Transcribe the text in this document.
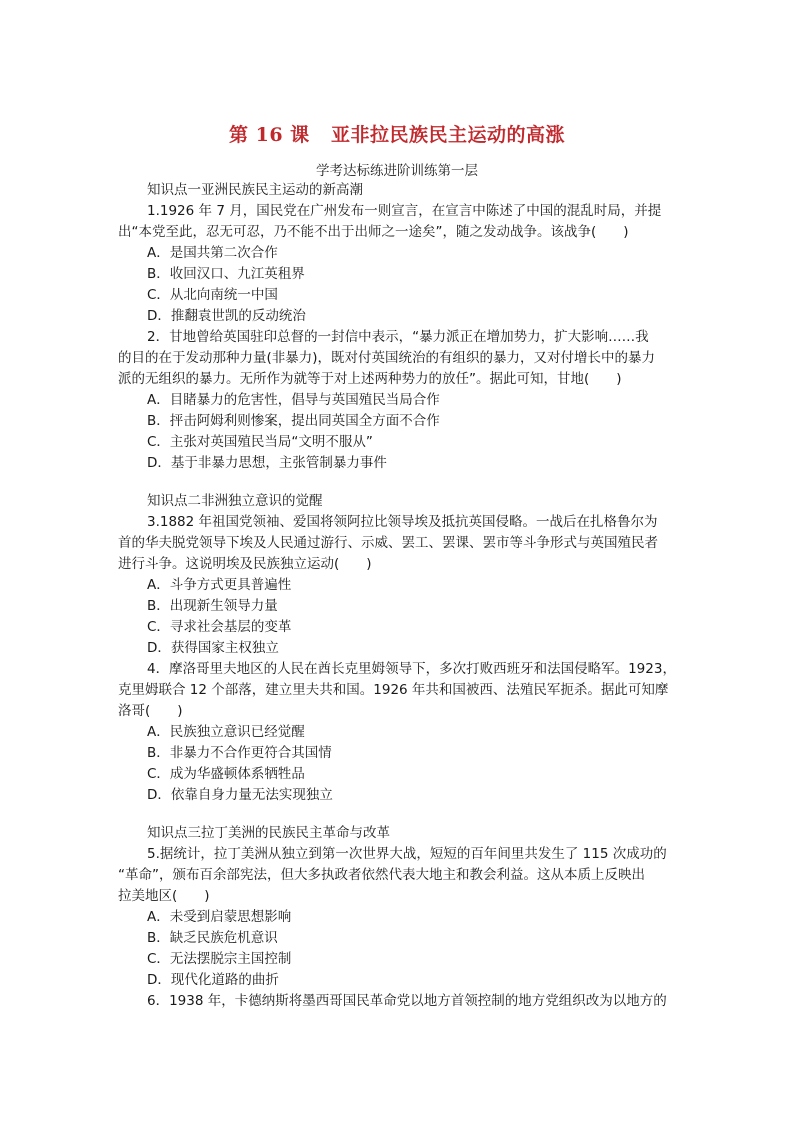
第 16 课   亚非拉民族民主运动的高涨
学考达标练进阶训练第一层
知识点一亚洲民族民主运动的新高潮
1.1926 年 7 月，国民党在广州发布一则宣言，在宣言中陈述了中国的混乱时局，并提
出“本党至此，忍无可忍，乃不能不出于出师之一途矣”，随之发动战争。该战争(　　)
A．是国共第二次合作
B．收回汉口、九江英租界
C．从北向南统一中国
D．推翻袁世凯的反动统治
2．甘地曾给英国驻印总督的一封信中表示，“暴力派正在增加势力，扩大影响……我
的目的在于发动那种力量(非暴力)，既对付英国统治的有组织的暴力，又对付增长中的暴力
派的无组织的暴力。无所作为就等于对上述两种势力的放任”。据此可知，甘地(　　)
A．目睹暴力的危害性，倡导与英国殖民当局合作
B．抨击阿姆利则惨案，提出同英国全方面不合作
C．主张对英国殖民当局“文明不服从”
D．基于非暴力思想，主张管制暴力事件
知识点二非洲独立意识的觉醒
3.1882 年祖国党领袖、爱国将领阿拉比领导埃及抵抗英国侵略。一战后在扎格鲁尔为
首的华夫脱党领导下埃及人民通过游行、示威、罢工、罢课、罢市等斗争形式与英国殖民者
进行斗争。这说明埃及民族独立运动(　　)
A．斗争方式更具普遍性
B．出现新生领导力量
C．寻求社会基层的变革
D．获得国家主权独立
4．摩洛哥里夫地区的人民在酋长克里姆领导下，多次打败西班牙和法国侵略军。1923，
克里姆联合 12 个部落，建立里夫共和国。1926 年共和国被西、法殖民军扼杀。据此可知摩
洛哥(　　)
A．民族独立意识已经觉醒
B．非暴力不合作更符合其国情
C．成为华盛顿体系牺牲品
D．依靠自身力量无法实现独立
知识点三拉丁美洲的民族民主革命与改革
5.据统计，拉丁美洲从独立到第一次世界大战，短短的百年间里共发生了 115 次成功的
“革命”，颁布百余部宪法，但大多执政者依然代表大地主和教会利益。这从本质上反映出
拉美地区(　　)
A．未受到启蒙思想影响
B．缺乏民族危机意识
C．无法摆脱宗主国控制
D．现代化道路的曲折
6．1938 年，卡德纳斯将墨西哥国民革命党以地方首领控制的地方党组织改为以地方的
